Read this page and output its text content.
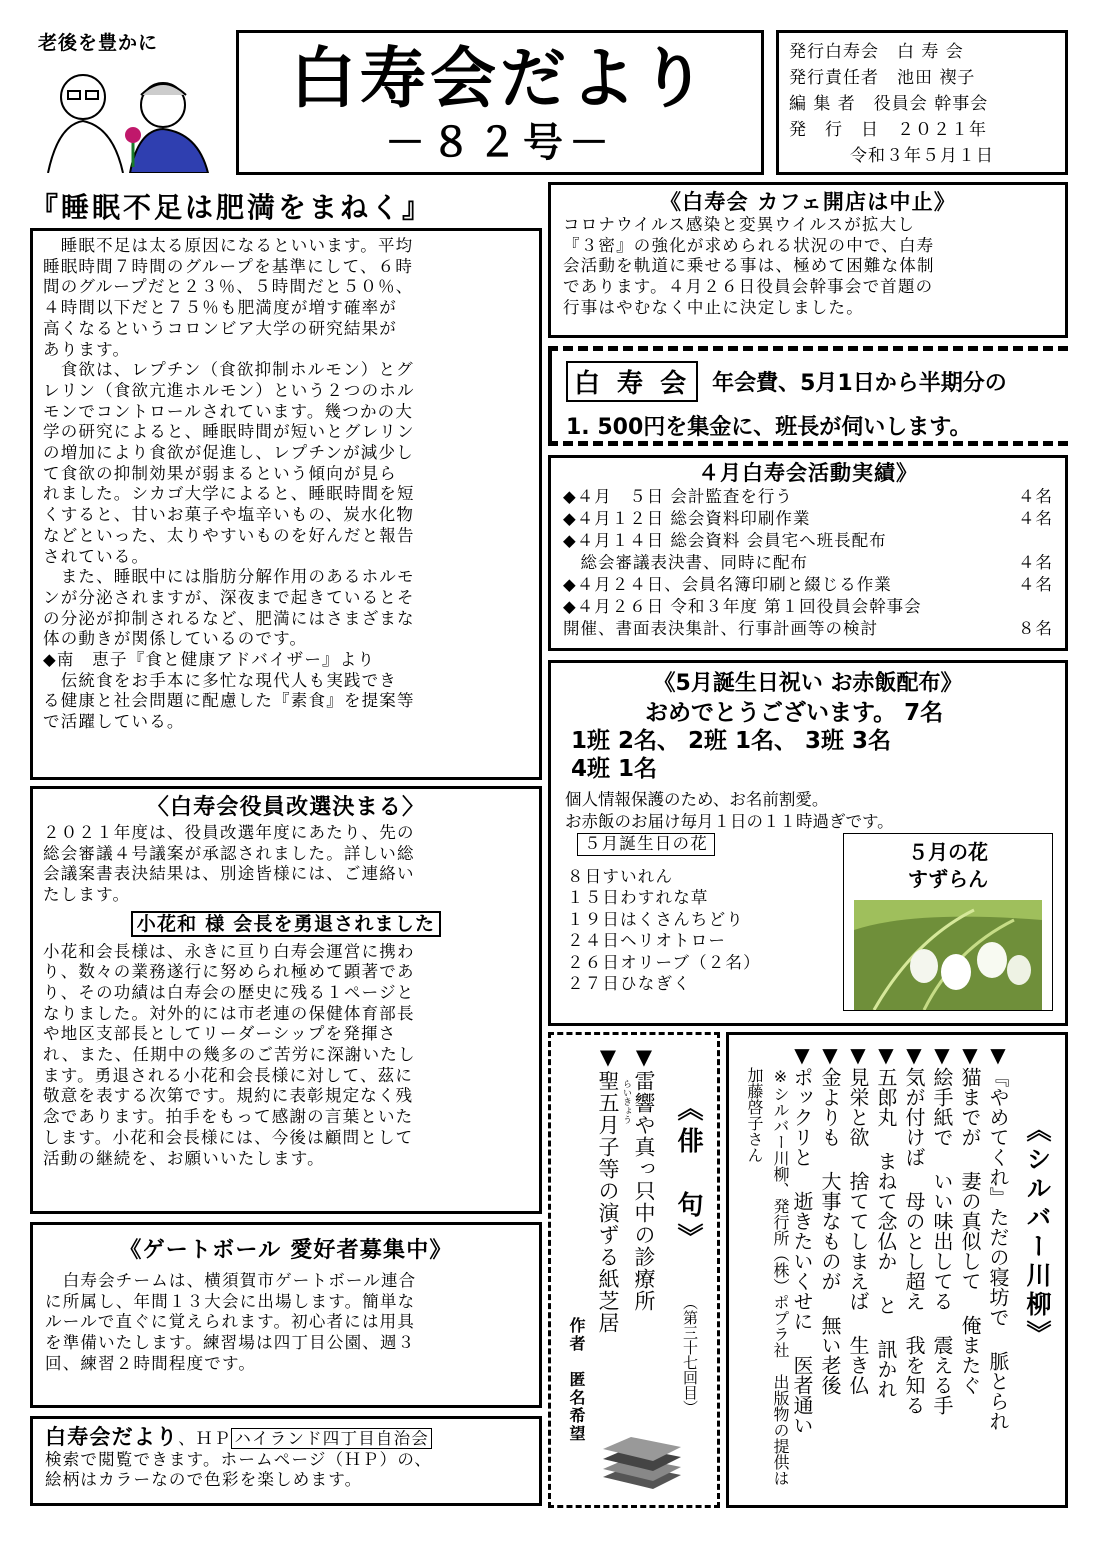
老後を豊かに	白寿会だより
－８２号－
発行白寿会　白 寿 会
発行責任者　池田 禊子
編 集 者　役員会 幹事会
発　行　日　２０２１年
令和３年５月１日
『睡眠不足は肥満をまねく』

　睡眠不足は太る原因になるといいます。平均

睡眠時間７時間のグループを基準にして、６時

間のグループだと２３％、５時間だと５０％、

４時間以下だと７５％も肥満度が増す確率が

高くなるというコロンビア大学の研究結果が

あります。

　食欲は、レプチン（食欲抑制ホルモン）とグ

レリン（食欲亢進ホルモン）という２つのホル

モンでコントロールされています。幾つかの大

学の研究によると、睡眠時間が短いとグレリン

の増加により食欲が促進し、レプチンが減少し

て食欲の抑制効果が弱まるという傾向が見ら

れました。シカゴ大学によると、睡眠時間を短

くすると、甘いお菓子や塩辛いもの、炭水化物

などといった、太りやすいものを好んだと報告

されている。

　また、睡眠中には脂肪分解作用のあるホルモ

ンが分泌されますが、深夜まで起きているとそ

の分泌が抑制されるなど、肥満にはさまざまな

体の動きが関係しているのです。

◆南　恵子『食と健康アドバイザー』より

　伝統食をお手本に多忙な現代人も実践でき

る健康と社会問題に配慮した『素食』を提案等

で活躍している。

《白寿会 カフェ開店は中止》

コロナウイルス感染と変異ウイルスが拡大し

『３密』の強化が求められる状況の中で、白寿

会活動を軌道に乗せる事は、極めて困難な体制

であります。４月２６日役員会幹事会で首題の

行事はやむなく中止に決定しました。

白 寿 会	年会費、5月1日から半期分の
1. 500円を集金に、班長が伺いします。

４月白寿会活動実績》

◆４月　５日 会計監査を行う	４名
◆４月１２日 総会資料印刷作業	４名
◆４月１４日 総会資料 会員宅へ班長配布
　総会審議表決書、同時に配布	４名
◆４月２４日、会員名簿印刷と綴じる作業	４名
◆４月２６日 令和３年度 第１回役員会幹事会
開催、書面表決集計、行事計画等の検討	８名

《5月誕生日祝い お赤飯配布》

おめでとうございます。 7名

1班 2名、 2班 1名、 3班 3名

4班 1名

個人情報保護のため、お名前割愛。

お赤飯のお届け毎月１日の１１時過ぎです。

５月誕生日の花

８日すいれん

１５日わすれな草

１９日はくさんちどり

２４日ヘリオトロー

２６日オリーブ（２名）

２７日ひなぎく

５月の花

すずらん

〈白寿会役員改選決まる〉

２０２１年度は、役員改選年度にあたり、先の

総会審議４号議案が承認されました。詳しい総

会議案書表決結果は、別途皆様には、ご連絡い

たします。

小花和 様 会長を勇退されました

小花和会長様は、永きに亘り白寿会運営に携わ

り、数々の業務遂行に努められ極めて顕著であ

り、その功績は白寿会の歴史に残る１ページと

なりました。対外的には市老連の保健体育部長

や地区支部長としてリーダーシップを発揮さ

れ、また、任期中の幾多のご苦労に深謝いたし

ます。勇退される小花和会長様に対して、茲に

敬意を表する次第です。規約に表彰規定なく残

念であります。拍手をもって感謝の言葉といた

します。小花和会長様には、今後は顧問として

活動の継続を、お願いいたします。

《ゲートボール 愛好者募集中》

　白寿会チームは、横須賀市ゲートボール連合

に所属し、年間１３大会に出場します。簡単な

ルールで直ぐに覚えられます。初心者には用具

を準備いたします。練習場は四丁目公園、週３

回、練習２時間程度です。

白寿会だより、ＨＰ ハイランド四丁目自治会

検索で閲覧できます。ホームページ（ＨＰ）の、

絵柄はカラーなので色彩を楽しめます。

《俳　句》
（第三十七回目）
らいきょう ▼雷響や真っ只中の診療所
▼聖五月子等の演ずる紙芝居
作者　匿名希望
《シルバー川柳》
▼『やめてくれ』ただの寝坊で 脈とられ
▼猫までが 妻の真似して 俺またぐ
▼絵手紙で いい味出してる 震える手
▼気が付けば 母のとし超え 我を知る
▼五郎丸 まねて念仏か と 訊かれ
▼見栄と欲 捨ててしまえば 生き仏
▼金よりも 大事なものが 無い老後
▼ポックリと 逝きたいくせに 医者通い
※シルバー川柳、発行所（株）ポプラ社　出版物の提供は加藤啓子さん
